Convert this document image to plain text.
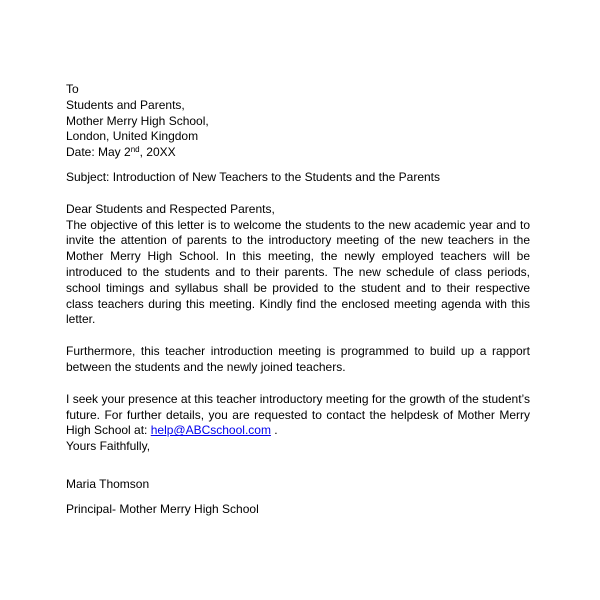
To
Students and Parents,
Mother Merry High School,
London, United Kingdom
Date: May 2nd, 20XX
Subject: Introduction of New Teachers to the Students and the Parents
Dear Students and Respected Parents,
The objective of this letter is to welcome the students to the new academic year and to invite the attention of parents to the introductory meeting of the new teachers in the Mother Merry High School. In this meeting, the newly employed teachers will be introduced to the students and to their parents. The new schedule of class periods, school timings and syllabus shall be provided to the student and to their respective class teachers during this meeting. Kindly find the enclosed meeting agenda with this letter.
Furthermore, this teacher introduction meeting is programmed to build up a rapport between the students and the newly joined teachers.
I seek your presence at this teacher introductory meeting for the growth of the student’s future. For further details, you are requested to contact the helpdesk of Mother Merry High School at: help@ABCschool.com .
Yours Faithfully,
Maria Thomson
Principal- Mother Merry High School
